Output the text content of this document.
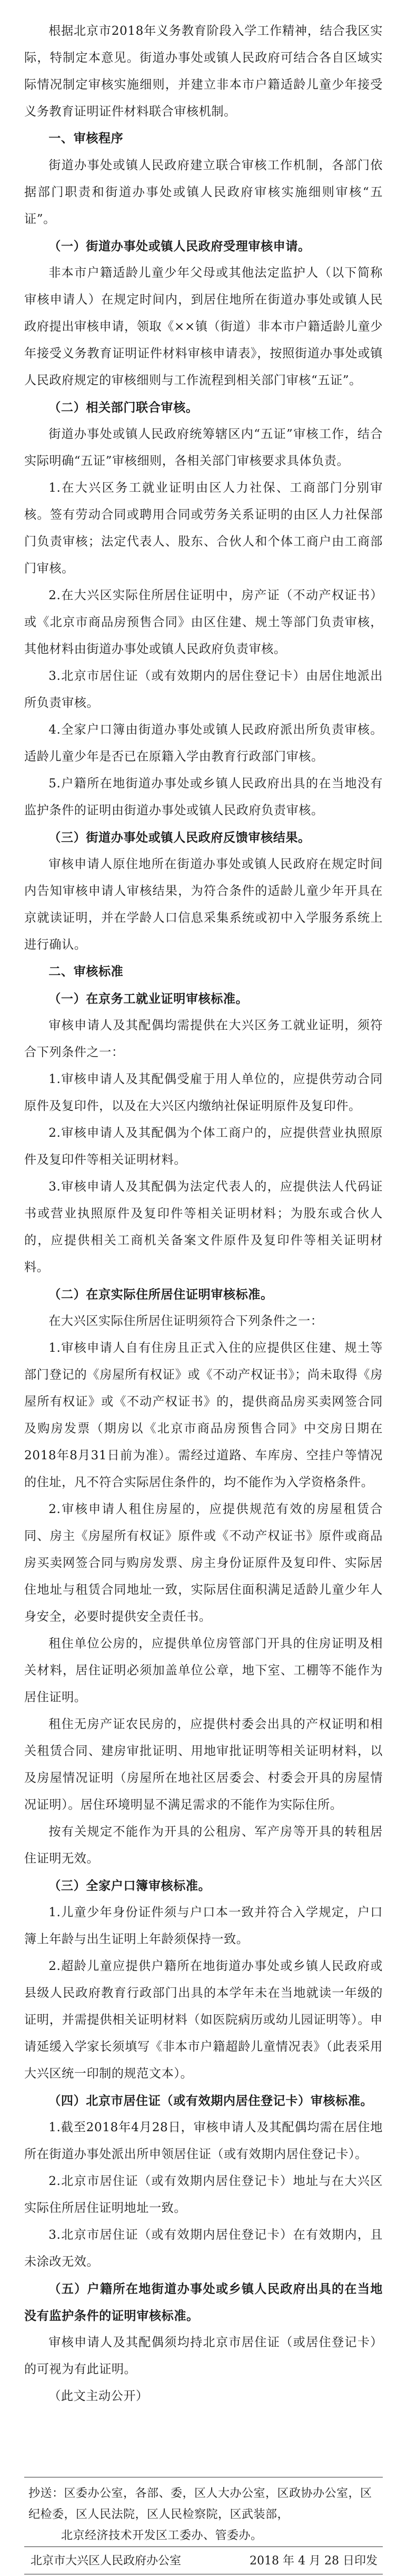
根据北京市2018年义务教育阶段入学工作精神，结合我区实际，特制定本意见。街道办事处或镇人民政府可结合各自区域实际情况制定审核实施细则，并建立非本市户籍适龄儿童少年接受义务教育证明证件材料联合审核机制。

一、审核程序

街道办事处或镇人民政府建立联合审核工作机制，各部门依据部门职责和街道办事处或镇人民政府审核实施细则审核“五证”。

（一）街道办事处或镇人民政府受理审核申请。

非本市户籍适龄儿童少年父母或其他法定监护人（以下简称审核申请人）在规定时间内，到居住地所在街道办事处或镇人民政府提出审核申请，领取《××镇（街道）非本市户籍适龄儿童少年接受义务教育证明证件材料审核申请表》，按照街道办事处或镇人民政府规定的审核细则与工作流程到相关部门审核“五证”。

（二）相关部门联合审核。

街道办事处或镇人民政府统筹辖区内“五证”审核工作，结合实际明确“五证”审核细则，各相关部门审核要求具体负责。

1.在大兴区务工就业证明由区人力社保、工商部门分别审核。签有劳动合同或聘用合同或劳务关系证明的由区人力社保部门负责审核；法定代表人、股东、合伙人和个体工商户由工商部门审核。

2.在大兴区实际住所居住证明中，房产证（不动产权证书）或《北京市商品房预售合同》由区住建、规土等部门负责审核，其他材料由街道办事处或镇人民政府负责审核。

3.北京市居住证（或有效期内的居住登记卡）由居住地派出所负责审核。

4.全家户口簿由街道办事处或镇人民政府派出所负责审核。适龄儿童少年是否已在原籍入学由教育行政部门审核。

5.户籍所在地街道办事处或乡镇人民政府出具的在当地没有监护条件的证明由街道办事处或镇人民政府负责审核。

（三）街道办事处或镇人民政府反馈审核结果。

审核申请人原住地所在街道办事处或镇人民政府在规定时间内告知审核申请人审核结果，为符合条件的适龄儿童少年开具在京就读证明，并在学龄人口信息采集系统或初中入学服务系统上进行确认。

二、审核标准

（一）在京务工就业证明审核标准。

审核申请人及其配偶均需提供在大兴区务工就业证明，须符合下列条件之一：

1.审核申请人及其配偶受雇于用人单位的，应提供劳动合同原件及复印件，以及在大兴区内缴纳社保证明原件及复印件。

2.审核申请人及其配偶为个体工商户的，应提供营业执照原件及复印件等相关证明材料。

3.审核申请人及其配偶为法定代表人的，应提供法人代码证书或营业执照原件及复印件等相关证明材料；为股东或合伙人的，应提供相关工商机关备案文件原件及复印件等相关证明材料。

（二）在京实际住所居住证明审核标准。

在大兴区实际住所居住证明须符合下列条件之一：

1.审核申请人自有住房且正式入住的应提供区住建、规土等部门登记的《房屋所有权证》或《不动产权证书》；尚未取得《房屋所有权证》或《不动产权证书》的，提供商品房买卖网签合同及购房发票（期房以《北京市商品房预售合同》中交房日期在2018年8月31日前为准）。需经过道路、车库房、空挂户等情况的住址，凡不符合实际居住条件的，均不能作为入学资格条件。

2.审核申请人租住房屋的，应提供规范有效的房屋租赁合同、房主《房屋所有权证》原件或《不动产权证书》原件或商品房买卖网签合同与购房发票、房主身份证原件及复印件、实际居住地址与租赁合同地址一致，实际居住面积满足适龄儿童少年人身安全，必要时提供安全责任书。

租住单位公房的，应提供单位房管部门开具的住房证明及相关材料，居住证明必须加盖单位公章，地下室、工棚等不能作为居住证明。

租住无房产证农民房的，应提供村委会出具的产权证明和相关租赁合同、建房审批证明、用地审批证明等相关证明材料，以及房屋情况证明（房屋所在地社区居委会、村委会开具的房屋情况证明）。居住环境明显不满足需求的不能作为实际住所。

按有关规定不能作为开具的公租房、军产房等开具的转租居住证明无效。

（三）全家户口簿审核标准。

1.儿童少年身份证件须与户口本一致并符合入学规定，户口簿上年龄与出生证明上年龄须保持一致。

2.超龄儿童应提供户籍所在地街道办事处或乡镇人民政府或县级人民政府教育行政部门出具的本学年未在当地就读一年级的证明，并需提供相关证明材料（如医院病历或幼儿园证明等）。申请延缓入学家长须填写《非本市户籍超龄儿童情况表》（此表采用大兴区统一印制的规范文本）。

（四）北京市居住证（或有效期内居住登记卡）审核标准。

1.截至2018年4月28日，审核申请人及其配偶均需在居住地所在街道办事处派出所申领居住证（或有效期内居住登记卡）。

2.北京市居住证（或有效期内居住登记卡）地址与在大兴区实际住所居住证明地址一致。

3.北京市居住证（或有效期内居住登记卡）在有效期内，且未涂改无效。

（五）户籍所在地街道办事处或乡镇人民政府出具的在当地没有监护条件的证明审核标准。

审核申请人及其配偶须均持北京市居住证（或居住登记卡）的可视为有此证明。

（此文主动公开）

抄送：区委办公室，各部、委，区人大办公室，区政协办公室，区纪检委，区人民法院，区人民检察院，区武装部，
北京经济技术开发区工委办、管委办。
北京市大兴区人民政府办公室	2018 年 4 月 28 日印发
